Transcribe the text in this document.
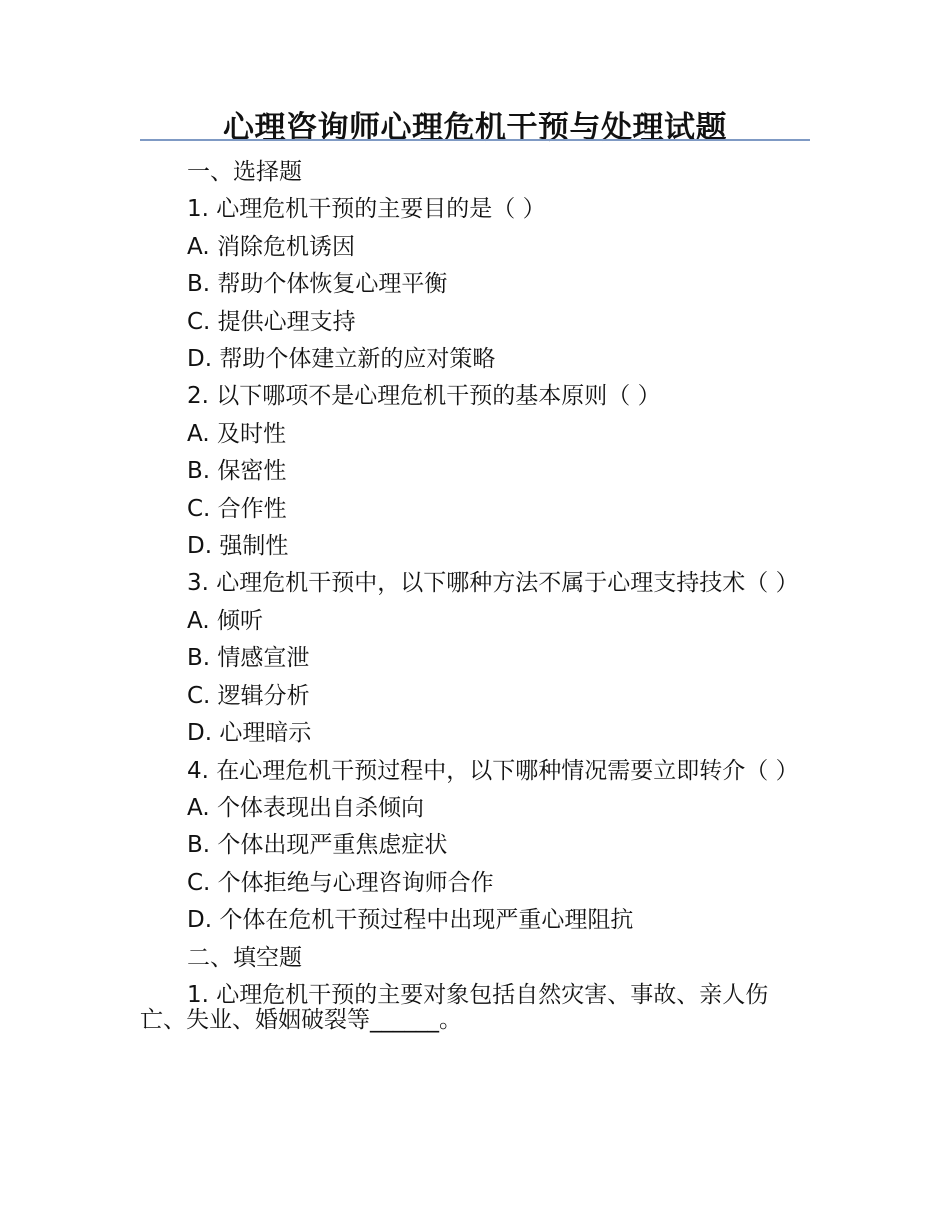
心理咨询师心理危机干预与处理试题
一、选择题
1. 心理危机干预的主要目的是（ ）
A. 消除危机诱因
B. 帮助个体恢复心理平衡
C. 提供心理支持
D. 帮助个体建立新的应对策略
2. 以下哪项不是心理危机干预的基本原则（ ）
A. 及时性
B. 保密性
C. 合作性
D. 强制性
3. 心理危机干预中，以下哪种方法不属于心理支持技术（ ）
A. 倾听
B. 情感宣泄
C. 逻辑分析
D. 心理暗示
4. 在心理危机干预过程中，以下哪种情况需要立即转介（ ）
A. 个体表现出自杀倾向
B. 个体出现严重焦虑症状
C. 个体拒绝与心理咨询师合作
D. 个体在危机干预过程中出现严重心理阻抗
二、填空题
1. 心理危机干预的主要对象包括自然灾害、事故、亲人伤亡、失业、婚姻破裂等______。
